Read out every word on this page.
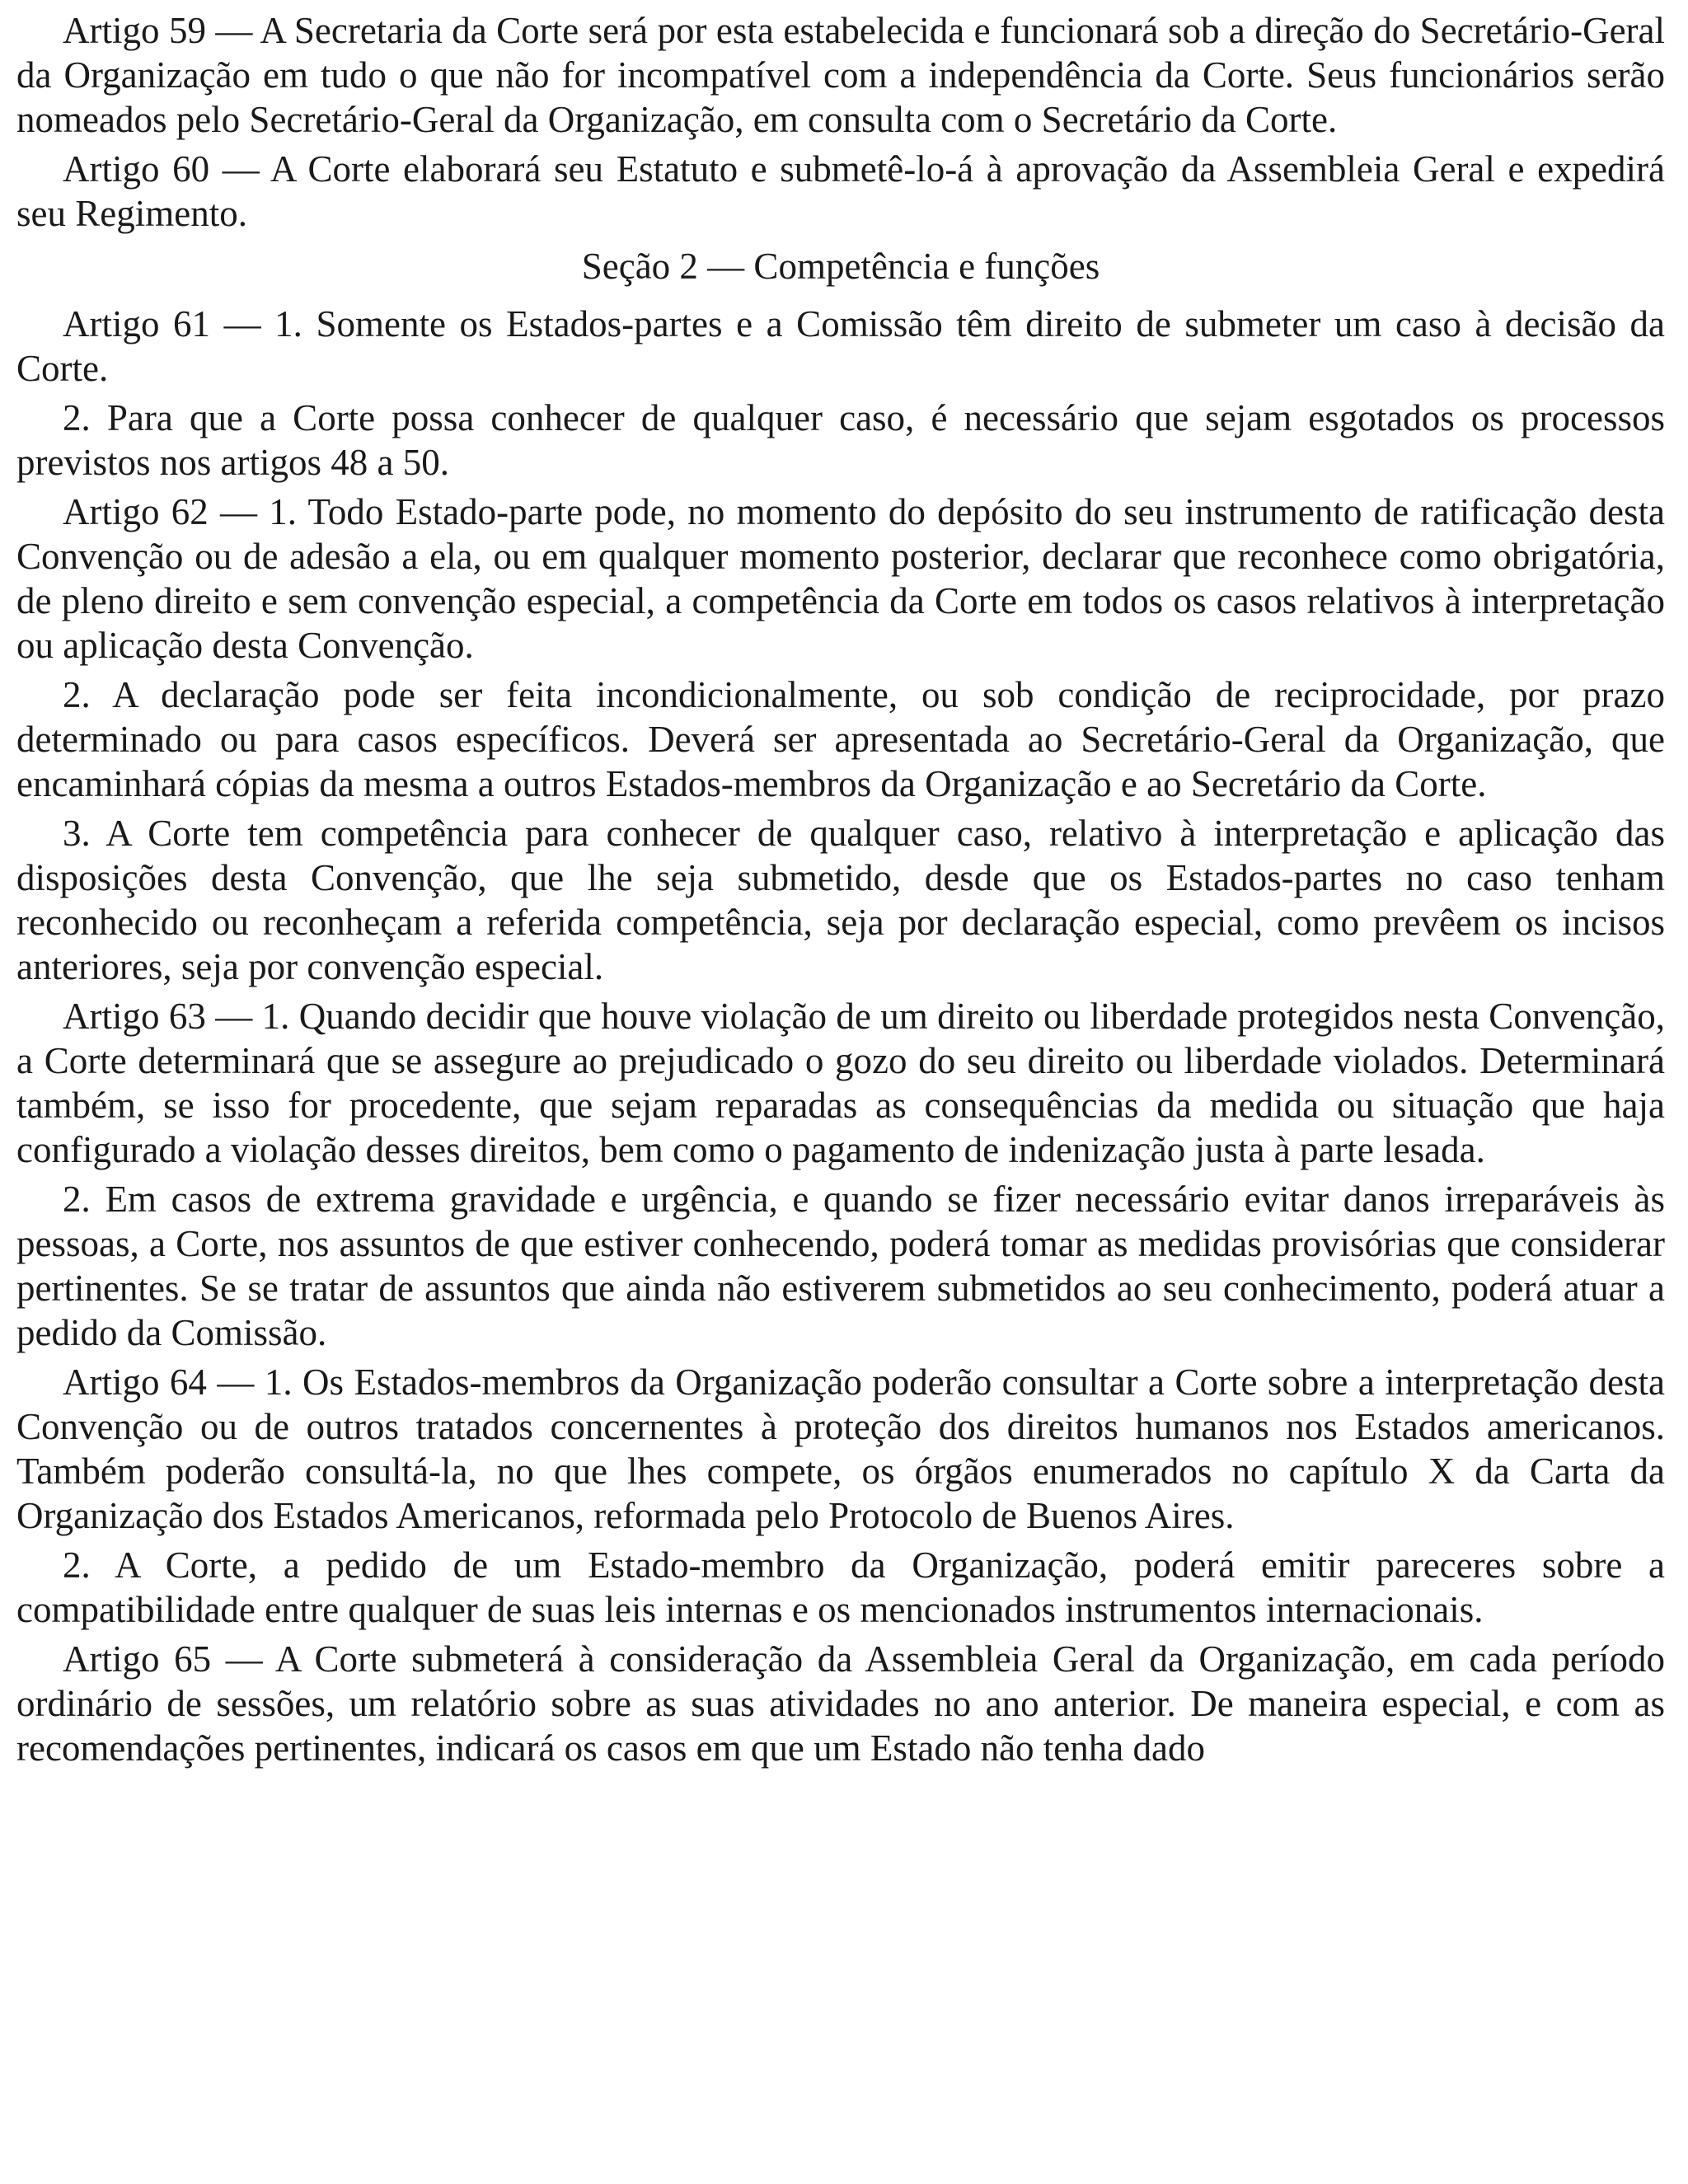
Artigo 59 — A Secretaria da Corte será por esta estabelecida e funcionará sob a direção do Secretário-Geral da Organização em tudo o que não for incompatível com a independência da Corte. Seus funcionários serão nomeados pelo Secretário-Geral da Organização, em consulta com o Secretário da Corte.

Artigo 60 — A Corte elaborará seu Estatuto e submetê-lo-á à aprovação da Assembleia Geral e expedirá seu Regimento.

Seção 2 — Competência e funções

Artigo 61 — 1. Somente os Estados-partes e a Comissão têm direito de submeter um caso à decisão da Corte.

2. Para que a Corte possa conhecer de qualquer caso, é necessário que sejam esgotados os processos previstos nos artigos 48 a 50.

Artigo 62 — 1. Todo Estado-parte pode, no momento do depósito do seu instrumento de ratificação desta Convenção ou de adesão a ela, ou em qualquer momento posterior, declarar que reconhece como obrigatória, de pleno direito e sem convenção especial, a competência da Corte em todos os casos relativos à interpretação ou aplicação desta Convenção.

2. A declaração pode ser feita incondicionalmente, ou sob condição de reciprocidade, por prazo determinado ou para casos específicos. Deverá ser apresentada ao Secretário-Geral da Organização, que encaminhará cópias da mesma a outros Estados-membros da Organização e ao Secretário da Corte.

3. A Corte tem competência para conhecer de qualquer caso, relativo à interpretação e aplicação das disposições desta Convenção, que lhe seja submetido, desde que os Estados-partes no caso tenham reconhecido ou reconheçam a referida competência, seja por declaração especial, como prevêem os incisos anteriores, seja por convenção especial.

Artigo 63 — 1. Quando decidir que houve violação de um direito ou liberdade protegidos nesta Convenção, a Corte determinará que se assegure ao prejudicado o gozo do seu direito ou liberdade violados. Determinará também, se isso for procedente, que sejam reparadas as consequências da medida ou situação que haja configurado a violação desses direitos, bem como o pagamento de indenização justa à parte lesada.

2. Em casos de extrema gravidade e urgência, e quando se fizer necessário evitar danos irreparáveis às pessoas, a Corte, nos assuntos de que estiver conhecendo, poderá tomar as medidas provisórias que considerar pertinentes. Se se tratar de assuntos que ainda não estiverem submetidos ao seu conhecimento, poderá atuar a pedido da Comissão.

Artigo 64 — 1. Os Estados-membros da Organização poderão consultar a Corte sobre a interpretação desta Convenção ou de outros tratados concernentes à proteção dos direitos humanos nos Estados americanos. Também poderão consultá-la, no que lhes compete, os órgãos enumerados no capítulo X da Carta da Organização dos Estados Americanos, reformada pelo Protocolo de Buenos Aires.

2. A Corte, a pedido de um Estado-membro da Organização, poderá emitir pareceres sobre a compatibilidade entre qualquer de suas leis internas e os mencionados instrumentos internacionais.

Artigo 65 — A Corte submeterá à consideração da Assembleia Geral da Organização, em cada período ordinário de sessões, um relatório sobre as suas atividades no ano anterior. De maneira especial, e com as recomendações pertinentes, indicará os casos em que um Estado não tenha dado
